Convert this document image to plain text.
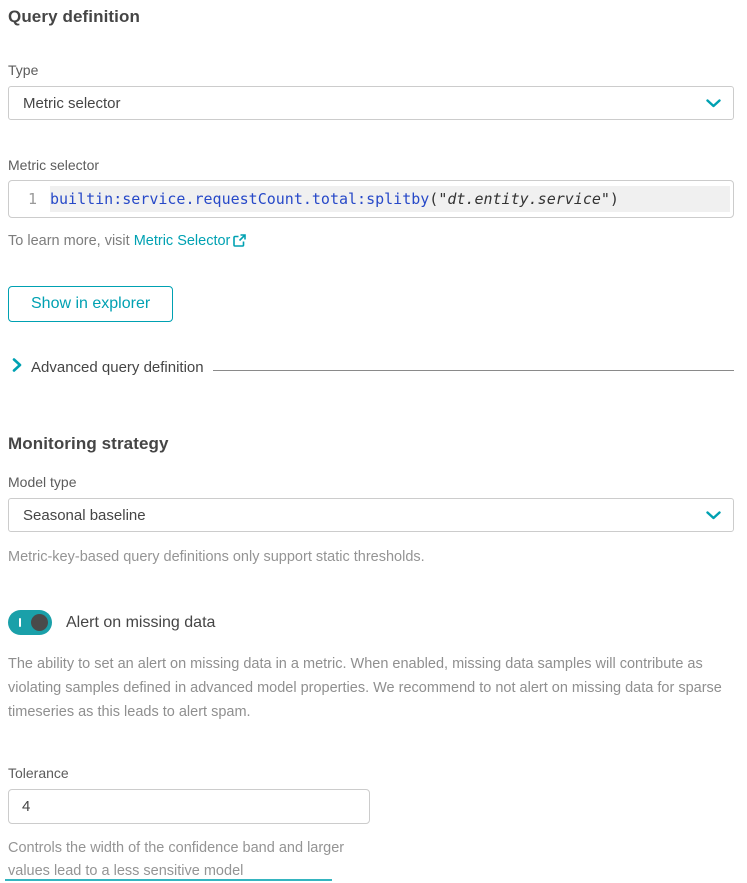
Query definition
Type
Metric selector
Metric selector
1 builtin:service.requestCount.total:splitby ( "dt.entity.service" )
To learn more, visit Metric Selector
Show in explorer
Advanced query definition
Monitoring strategy
Model type
Seasonal baseline
Metric-key-based query definitions only support static thresholds.
Alert on missing data

The ability to set an alert on missing data in a metric. When enabled, missing data samples will contribute as violating samples defined in advanced model properties. We recommend to not alert on missing data for sparse timeseries as this leads to alert spam.

Tolerance
4
Controls the width of the confidence band and larger values lead to a less sensitive model
